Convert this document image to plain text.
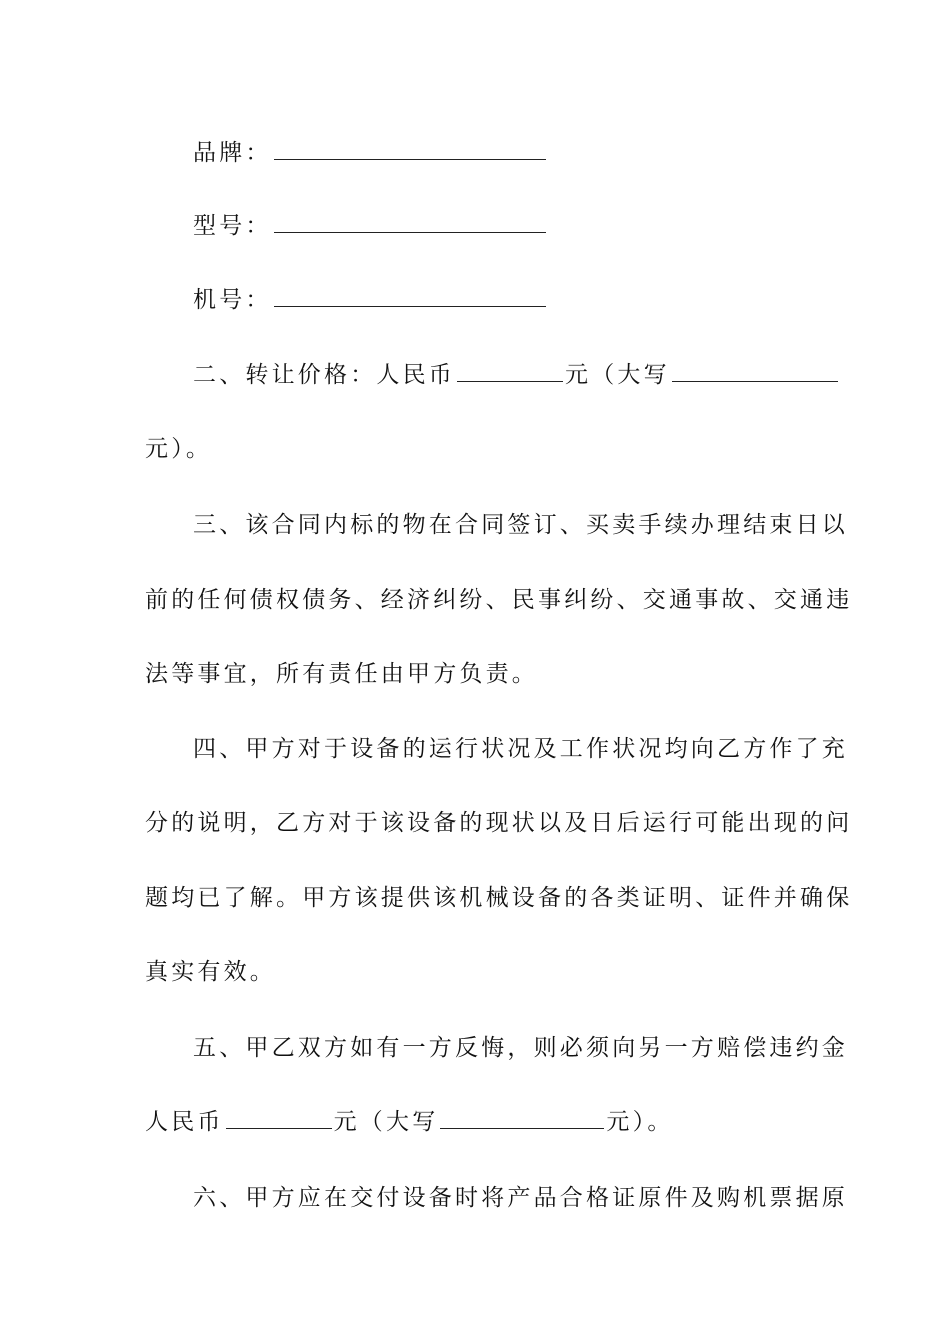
品牌：
型号：
机号：
二、转让价格：人民币	元（大写
元）。
三、该合同内标的物在合同签订、买卖手续办理结束日以
前的任何债权债务、经济纠纷、民事纠纷、交通事故、交通违
法等事宜，所有责任由甲方负责。
四、甲方对于设备的运行状况及工作状况均向乙方作了充
分的说明，乙方对于该设备的现状以及日后运行可能出现的问
题均已了解。甲方该提供该机械设备的各类证明、证件并确保
真实有效。
五、甲乙双方如有一方反悔，则必须向另一方赔偿违约金
人民币	元（大写	元）。
六、甲方应在交付设备时将产品合格证原件及购机票据原
